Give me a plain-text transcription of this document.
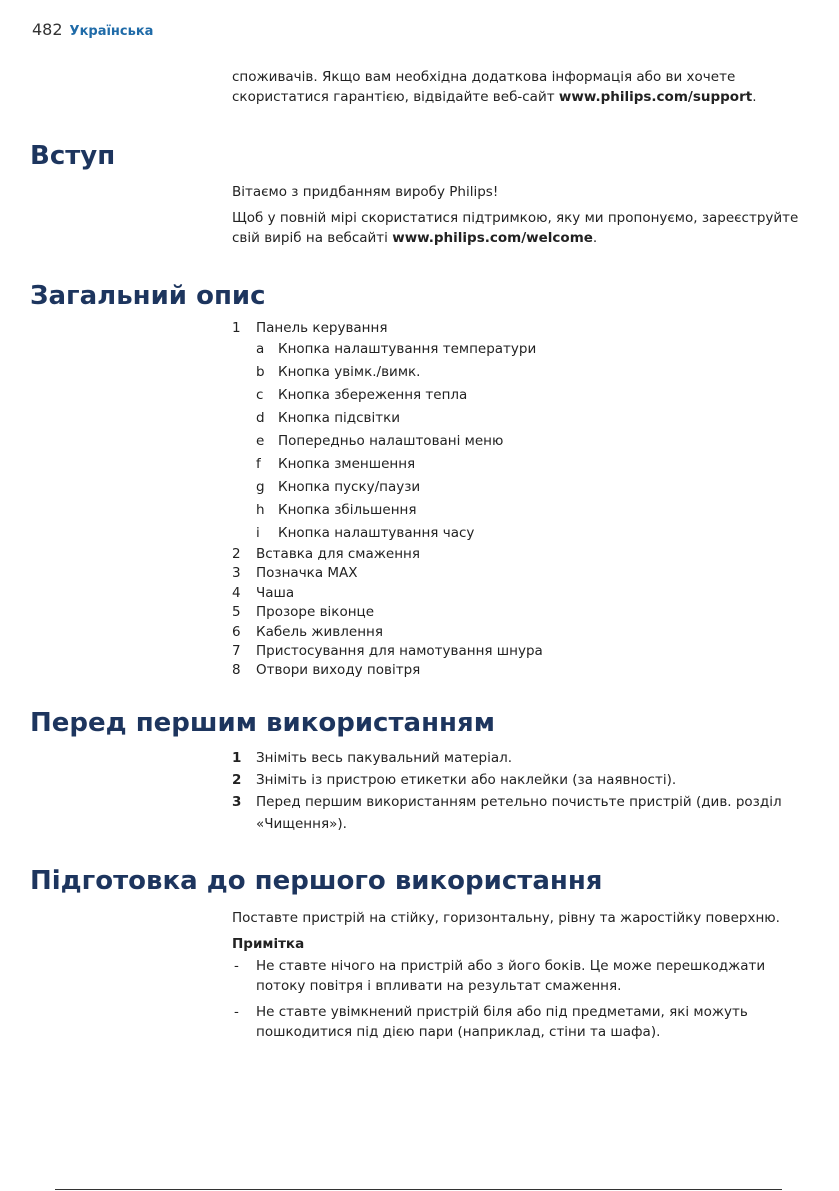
482 Українська

споживачів. Якщо вам необхідна додаткова інформація або ви хочете скористатися гарантією, відвідайте веб-сайт www.philips.com/support.

Вступ

Вітаємо з придбанням виробу Philips!

Щоб у повній мірі скористатися підтримкою, яку ми пропонуємо, зареєструйте свій виріб на вебсайті www.philips.com/welcome.

Загальний опис
1	Панель керування
a	Кнопка налаштування температури
b Кнопка увімк./вимк.
c	Кнопка збереження тепла
d Кнопка підсвітки
e	Попередньо налаштовані меню
f	Кнопка зменшення
g Кнопка пуску/паузи
h Кнопка збільшення
i	Кнопка налаштування часу
2	Вставка для смаження
3	Позначка MAX
4	Чаша
5	Прозоре віконце
6	Кабель живлення
7	Пристосування для намотування шнура
8	Отвори виходу повітря
Перед першим використанням
1	Зніміть весь пакувальний матеріал.
2	Зніміть із пристрою етикетки або наклейки (за наявності).
3	Перед першим використанням ретельно почистьте пристрій (див. розділ «Чищення»).
Підготовка до першого використання

Поставте пристрій на стійку, горизонтальну, рівну та жаростійку поверхню.

Примітка

-	Не ставте нічого на пристрій або з його боків. Це може перешкоджати потоку повітря і впливати на результат смаження.
-	Не ставте увімкнений пристрій біля або під предметами, які можуть пошкодитися під дією пари (наприклад, стіни та шафа).
